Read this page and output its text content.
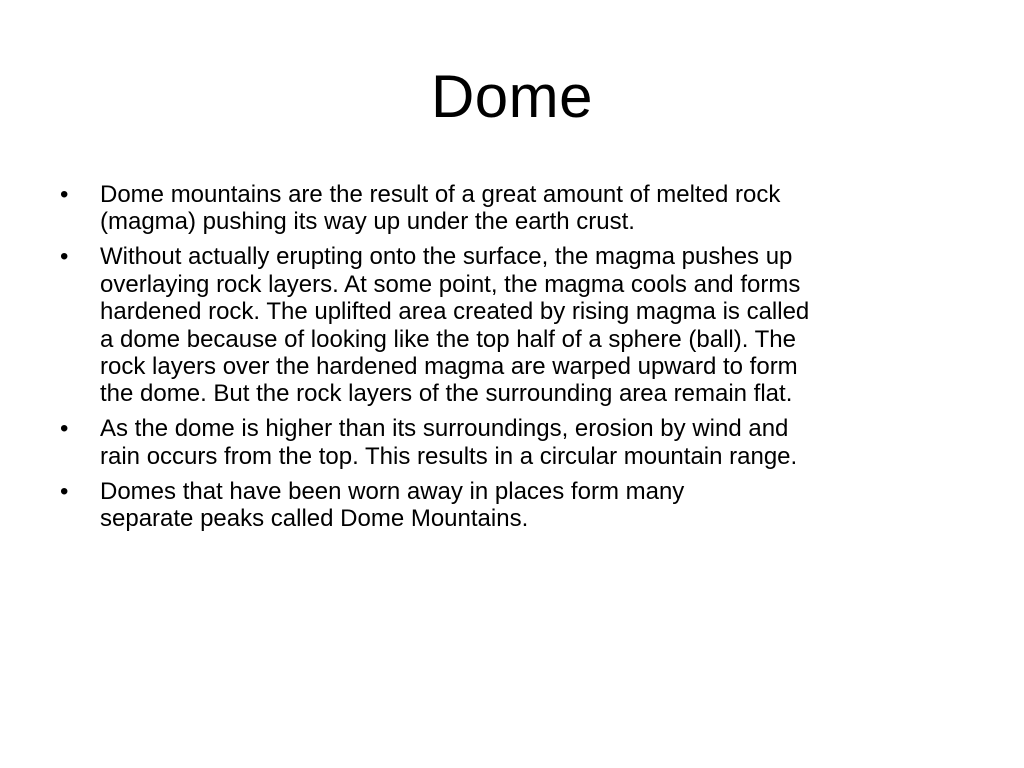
Dome
• Dome mountains are the result of a great amount of melted rock
(magma) pushing its way up under the earth crust.
• Without actually erupting onto the surface, the magma pushes up
overlaying rock layers. At some point, the magma cools and forms
hardened rock. The uplifted area created by rising magma is called
a dome because of looking like the top half of a sphere (ball). The
rock layers over the hardened magma are warped upward to form
the dome. But the rock layers of the surrounding area remain flat.
• As the dome is higher than its surroundings, erosion by wind and
rain occurs from the top. This results in a circular mountain range.
• Domes that have been worn away in places form many
separate peaks called Dome Mountains.
